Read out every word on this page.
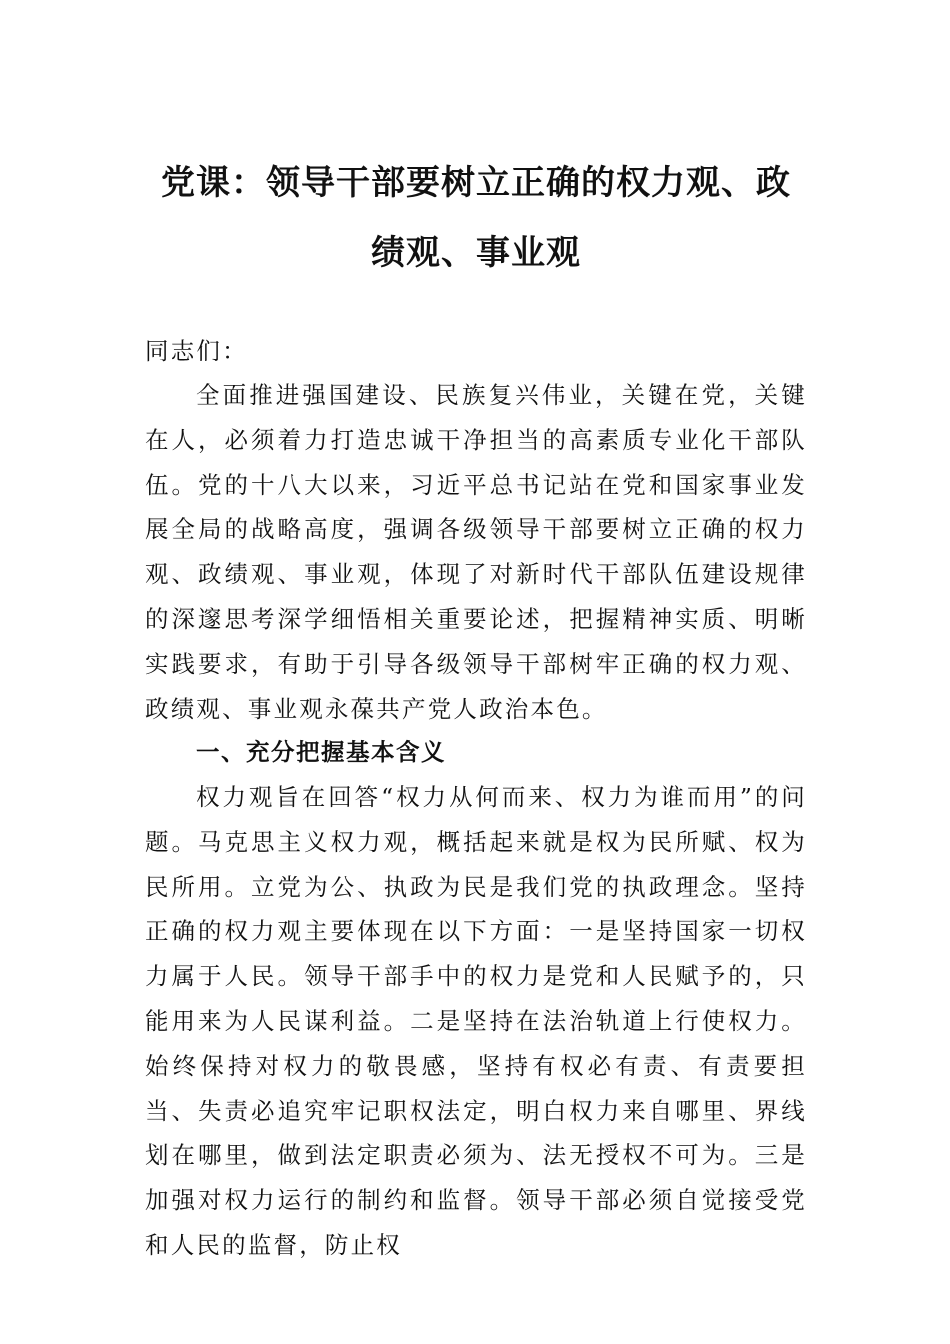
党课：领导干部要树立正确的权力观、政
绩观、事业观
同志们：

全面推进强国建设、民族复兴伟业，关键在党，关键在人，必须着力打造忠诚干净担当的高素质专业化干部队伍。党的十八大以来，习近平总书记站在党和国家事业发展全局的战略高度，强调各级领导干部要树立正确的权力观、政绩观、事业观，体现了对新时代干部队伍建设规律的深邃思考深学细悟相关重要论述，把握精神实质、明晰实践要求，有助于引导各级领导干部树牢正确的权力观、政绩观、事业观永葆共产党人政治本色。

一、充分把握基本含义

权力观旨在回答“权力从何而来、权力为谁而用”的问题。马克思主义权力观，概括起来就是权为民所赋、权为民所用。立党为公、执政为民是我们党的执政理念。坚持正确的权力观主要体现在以下方面：一是坚持国家一切权力属于人民。领导干部手中的权力是党和人民赋予的，只能用来为人民谋利益。二是坚持在法治轨道上行使权力。始终保持对权力的敬畏感，坚持有权必有责、有责要担当、失责必追究牢记职权法定，明白权力来自哪里、界线划在哪里，做到法定职责必须为、法无授权不可为。三是加强对权力运行的制约和监督。领导干部必须自觉接受党和人民的监督，防止权
